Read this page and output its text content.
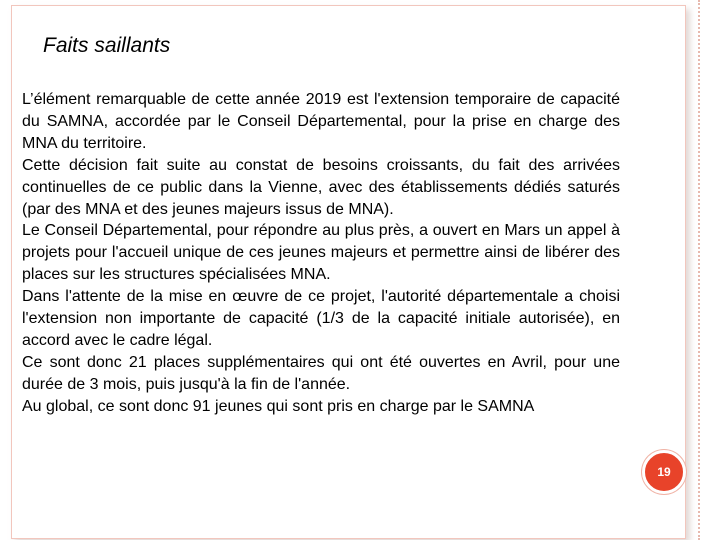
Faits saillants

L’élément remarquable de cette année 2019 est l'extension temporaire de capacité du SAMNA, accordée par le Conseil Départemental, pour la prise en charge des MNA du territoire.

Cette décision fait suite au constat de besoins croissants, du fait des arrivées continuelles de ce public dans la Vienne, avec des établissements dédiés saturés (par des MNA et des jeunes majeurs issus de MNA).

Le Conseil Départemental, pour répondre au plus près, a ouvert en Mars un appel à projets pour l'accueil unique de ces jeunes majeurs et permettre ainsi de libérer des places sur les structures spécialisées MNA.

Dans l'attente de la mise en œuvre de ce projet, l'autorité départementale a choisi l'extension non importante de capacité (1/3 de la capacité initiale autorisée), en accord avec le cadre légal.

Ce sont donc 21 places supplémentaires qui ont été ouvertes en Avril, pour une durée de 3 mois, puis jusqu'à la fin de l'année.

Au global, ce sont donc 91 jeunes qui sont pris en charge par le SAMNA

19
